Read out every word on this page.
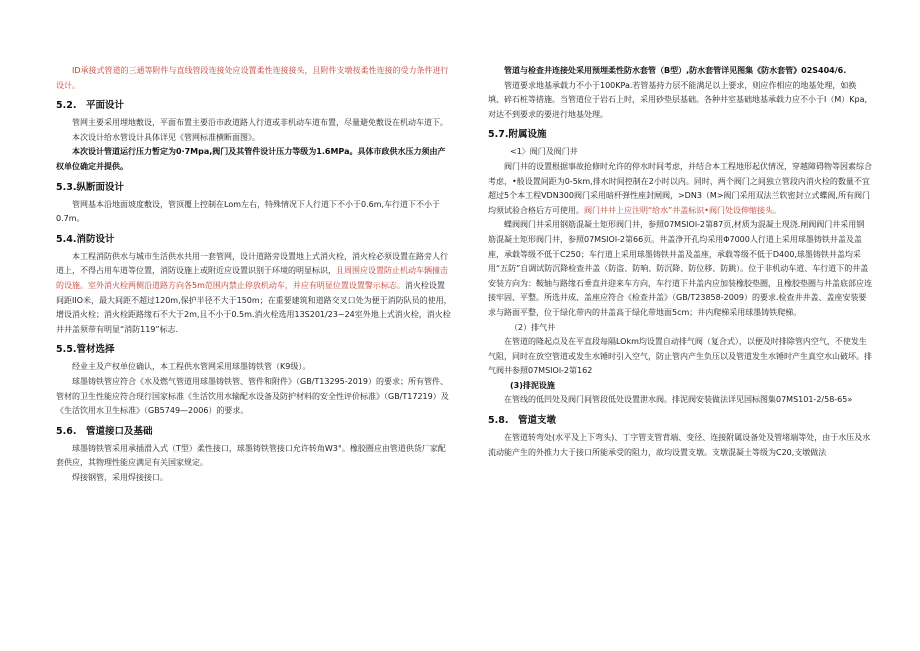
ID承接式管道的三通等附件与直线管段连接处应设置柔性连接接头，且附件支墩按柔性连接的受力条件进行设计。

5.2. 平面设计

管网主要采用埋地敷设，平面布置主要沿市政道路人行道或非机动车道布置，尽量避免敷设在机动车道下。

本次设计给水管设计具体详见《管网标准横断面图》。

本次设计管道运行压力暂定为0·7Mpa,阀门及其管件设计压力等级为1.6MPa。具体市政供水压力须由产权单位确定并提供。

5.3.纵断面设计

管网基本沿地面坡度敷设，管顶覆上控制在Lom左右，特殊情况下人行道下不小于0.6m,车行道下不小于0.7m。

5.4.消防设计

本工程消防供水与城市生活供水共用一套管网，设计道路旁设置地上式消火栓，消火栓必须设置在路旁人行道上，不得占用车道等位置，消防设施上或附近应设置识别于环境的明显标识，且周围应设置防止机动车辆撞击的设施。室外消火栓两侧沿道路方向各5m范围内禁止停放机动车，并应有明显位置设置警示标志。消火栓设置间距IIO米，最大间距不超过120m,保护半径不大于150m；在重要建筑和道路交叉口处为便于消防队员的使用，增设消火栓；消火栓距路缘石不大于2m,且不小于0.5m.消火栓选用13S201/23~24室外地上式消火栓，消火栓井井盖须带有明显“消防119”标志.

5.5.管材选择

经业主及产权单位确认，本工程供水管网采用球墨铸铁管（K9级）。

球墨铸铁管应符合《水及燃气管道用球墨铸铁管、管件和附件》（GB/T13295-2019）的要求；所有管件、管材的卫生性能应符合现行国家标准《生活饮用水输配水设备及防护材料的安全性评价标准》（GB/T17219）及《生活饮用水卫生标准》（GB5749—2006）的要求。

5.6. 管道接口及基础

球墨铸铁管采用承插滑入式（T型）柔性接口，球墨铸铁管接口允许转角W3°。橡胶圈应由管道供货厂家配套供应，其物理性能应满足有关国家规定。

焊接钢管，采用焊接接口。

管道与检查井连接处采用预埋柔性防水套管（B型）,防水套管详见图集《防水套管》02S404/6.

管道要求地基承载力不小于100KPa.若管基持力层不能满足以上要求，则应作相应的地基处理，如换填、碎石桩等措施。当管道位于岩石上时，采用砂垫层基础。各种井室基础地基承载力应不小于I（M）Kpa,对达不到要求的要进行地基处理。

5.7.附属设施

<1〉阀门及阀门井

阀门井的设置根据事故抢修时允许的停水时间考虑，并结合本工程地形起伏情况，穿越障碍物等因素综合考虑，•般设置间距为0-5km,排水时间控制在2小时以内。同时，两个阀门之间独立管段内消火栓的数量不宜超过5个本工程VDN300阀门采用暗杆弹性座封闸阀，>DN3（M>阀门采用双法兰软密封立式蝶阀,所有阀门均须试验合格后方可使用。阀门井井上应注明“给水”井盖标识•阀门处设伸缩接头。

蝶阀阀门井采用钢筋混凝土矩形阀门井，参照07MSIOl-2第87页,材质为混凝土现浇.闸阀阀门井采用钢筋混凝土矩形阀门井，参照07MSIOl-2第66页。井盖净开孔均采用Φ7000人行道上采用球墨铸铁井盖及盖座，承载等级不低于C250；车行道上采用球墨铸铁井盖及盖座，承载等级不低于D400,球墨铸铁井盖均采用“五防”自调试防沉降检查井盖（防盗、防响、防沉降、防位移、防跳）。位于非机动车道、车行道下的井盖安装方向为：鞍轴与路缘石垂直并迎来车方向，车行道下井盖内应加装橡胶垫圈，且橡胶垫圈与井盖底部应连接牢固、平整。所选井成、盖座应符合《检查井盖》（GB/T23858-2009）的要求.检查井井盖、盖座安装要求与路面平整，位于绿化带内的井盖高于绿化带地面5cm；井内爬梯采用球墨铸铁爬梯。

（2）排气井

在管道的隆起点及在平直段每隔LOkm均设置自动排气阀（复合式），以便及时排除管内空气，不使发生气阻，同时在放空管道或发生水锤时引入空气，防止管内产生负压以及管道发生水锤时产生真空水山破坏。排气阀井参照07MSIOl-2第162

(3)排泥设施

在管线的低凹处及阀门间管段低处设置泄水阀。排泥阀安装做法详见国标图集07MS101-2/58-65»

5.8. 管道支墩

在管道转弯处(水平及上下弯头)、丁字管支管背端、变径、连接附属设备处及管堵端等处，由于水压及水流动能产生的外推力大于接口所能承受的阻力，故均设置支墩。支墩混凝土等级为C20,支墩做法
